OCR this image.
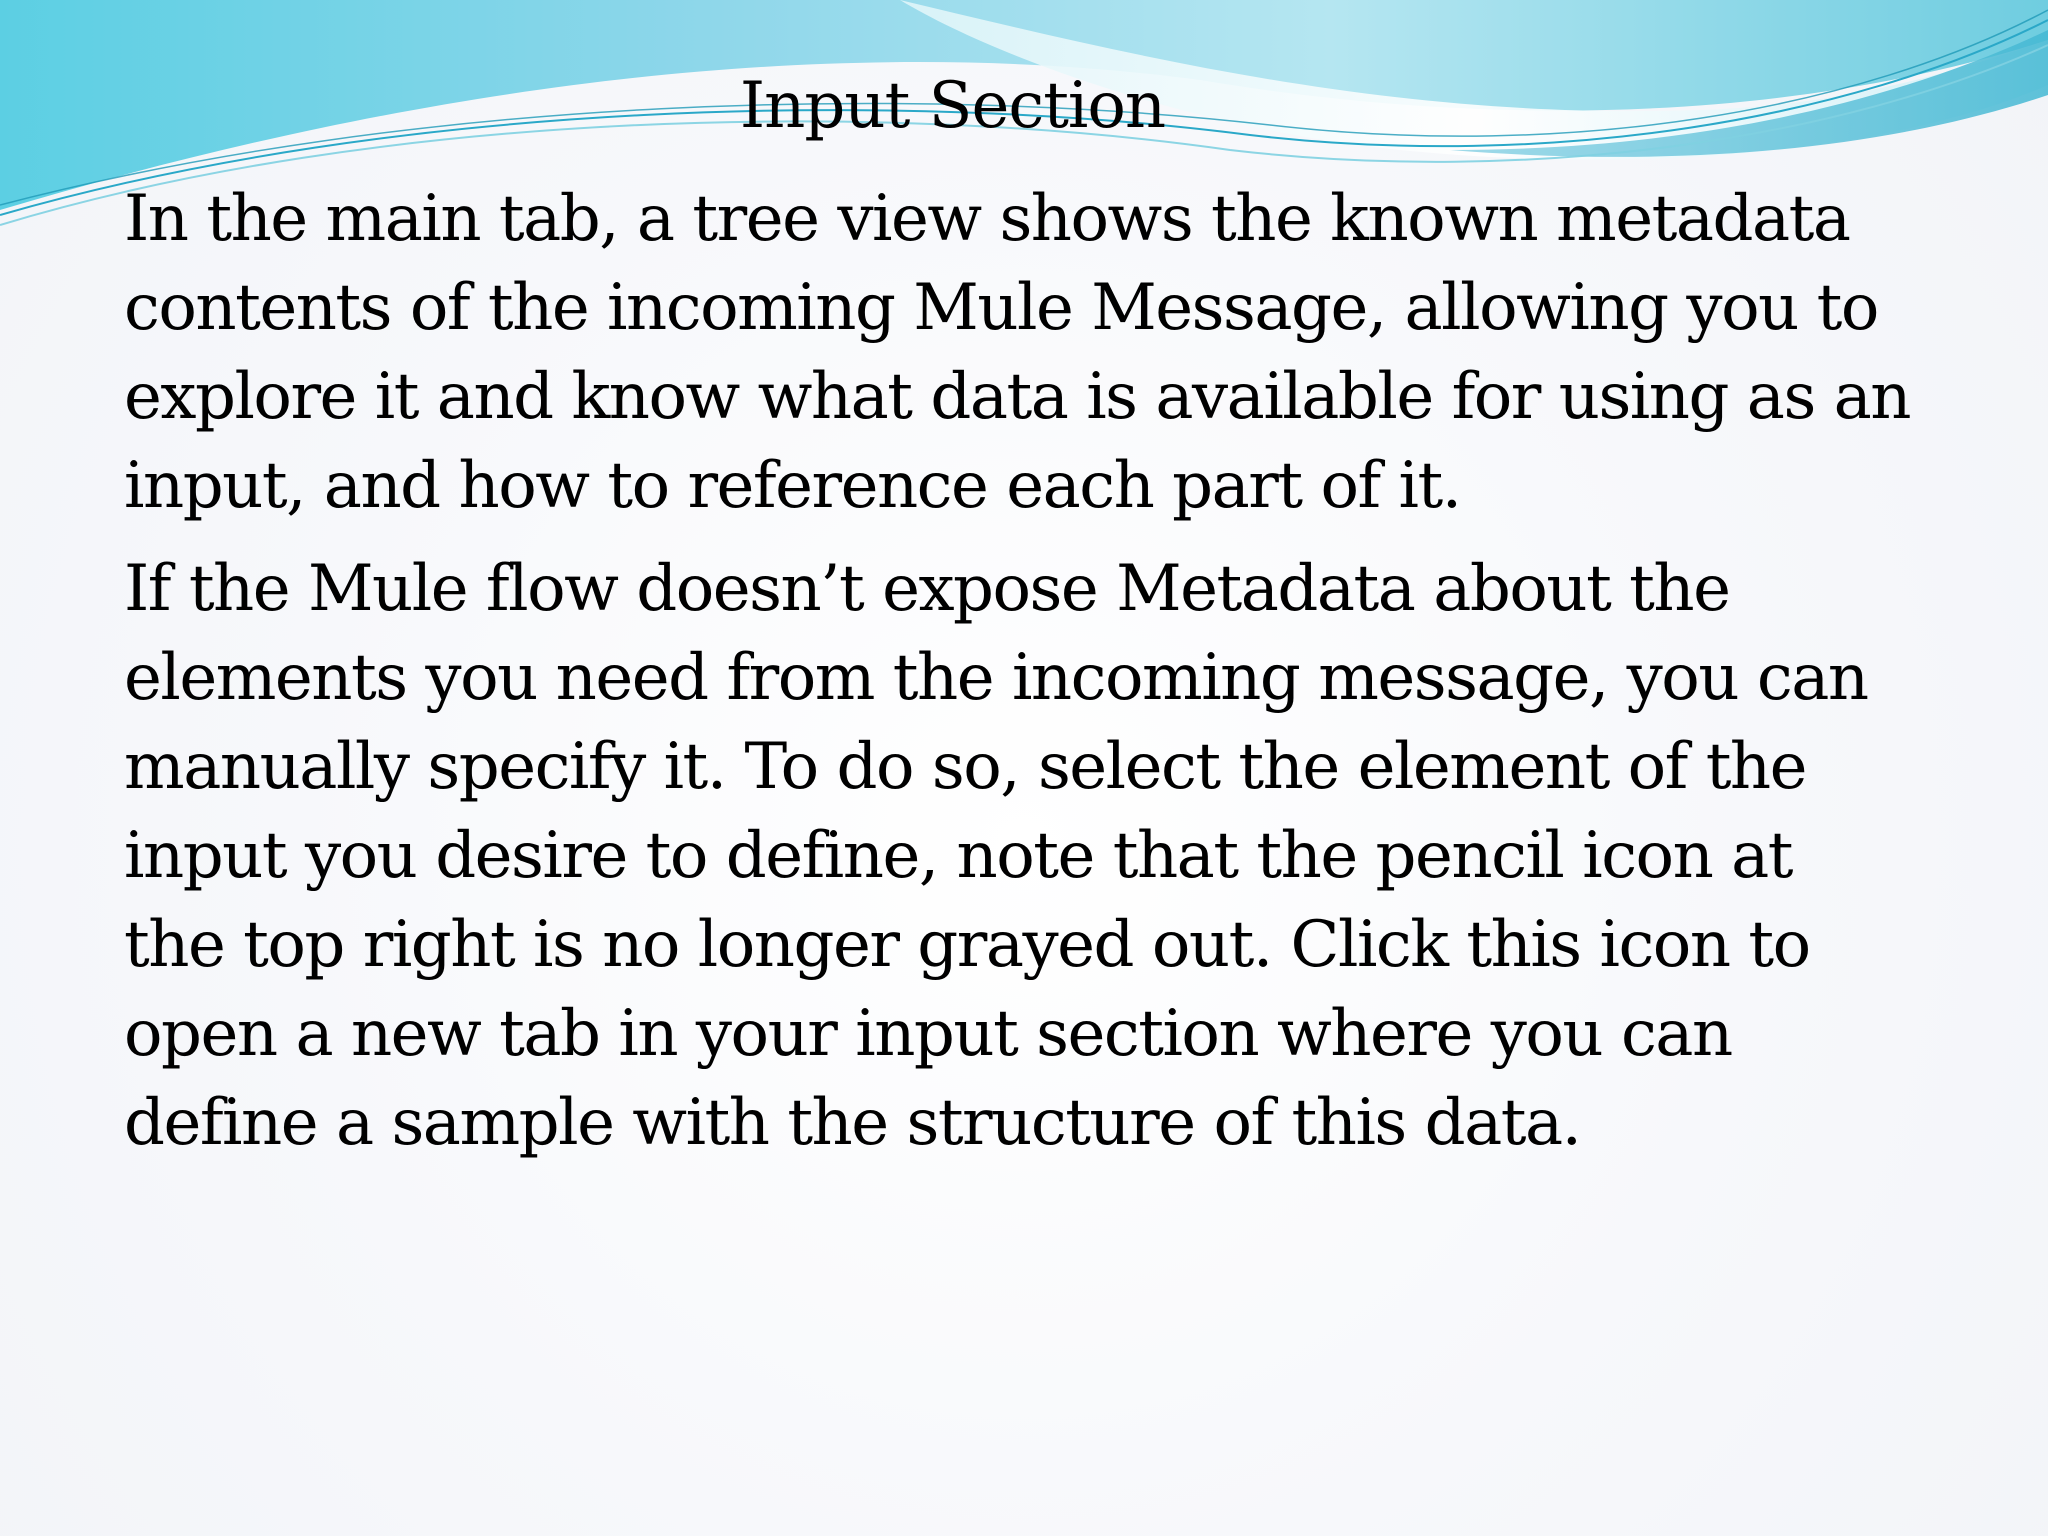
Input Section

In the main tab, a tree view shows the known metadata
contents of the incoming Mule Message, allowing you to
explore it and know what data is available for using as an
input, and how to reference each part of it.

If the Mule flow doesn’t expose Metadata about the
elements you need from the incoming message, you can
manually specify it. To do so, select the element of the
input you desire to define, note that the pencil icon at
the top right is no longer grayed out. Click this icon to
open a new tab in your input section where you can
define a sample with the structure of this data.
